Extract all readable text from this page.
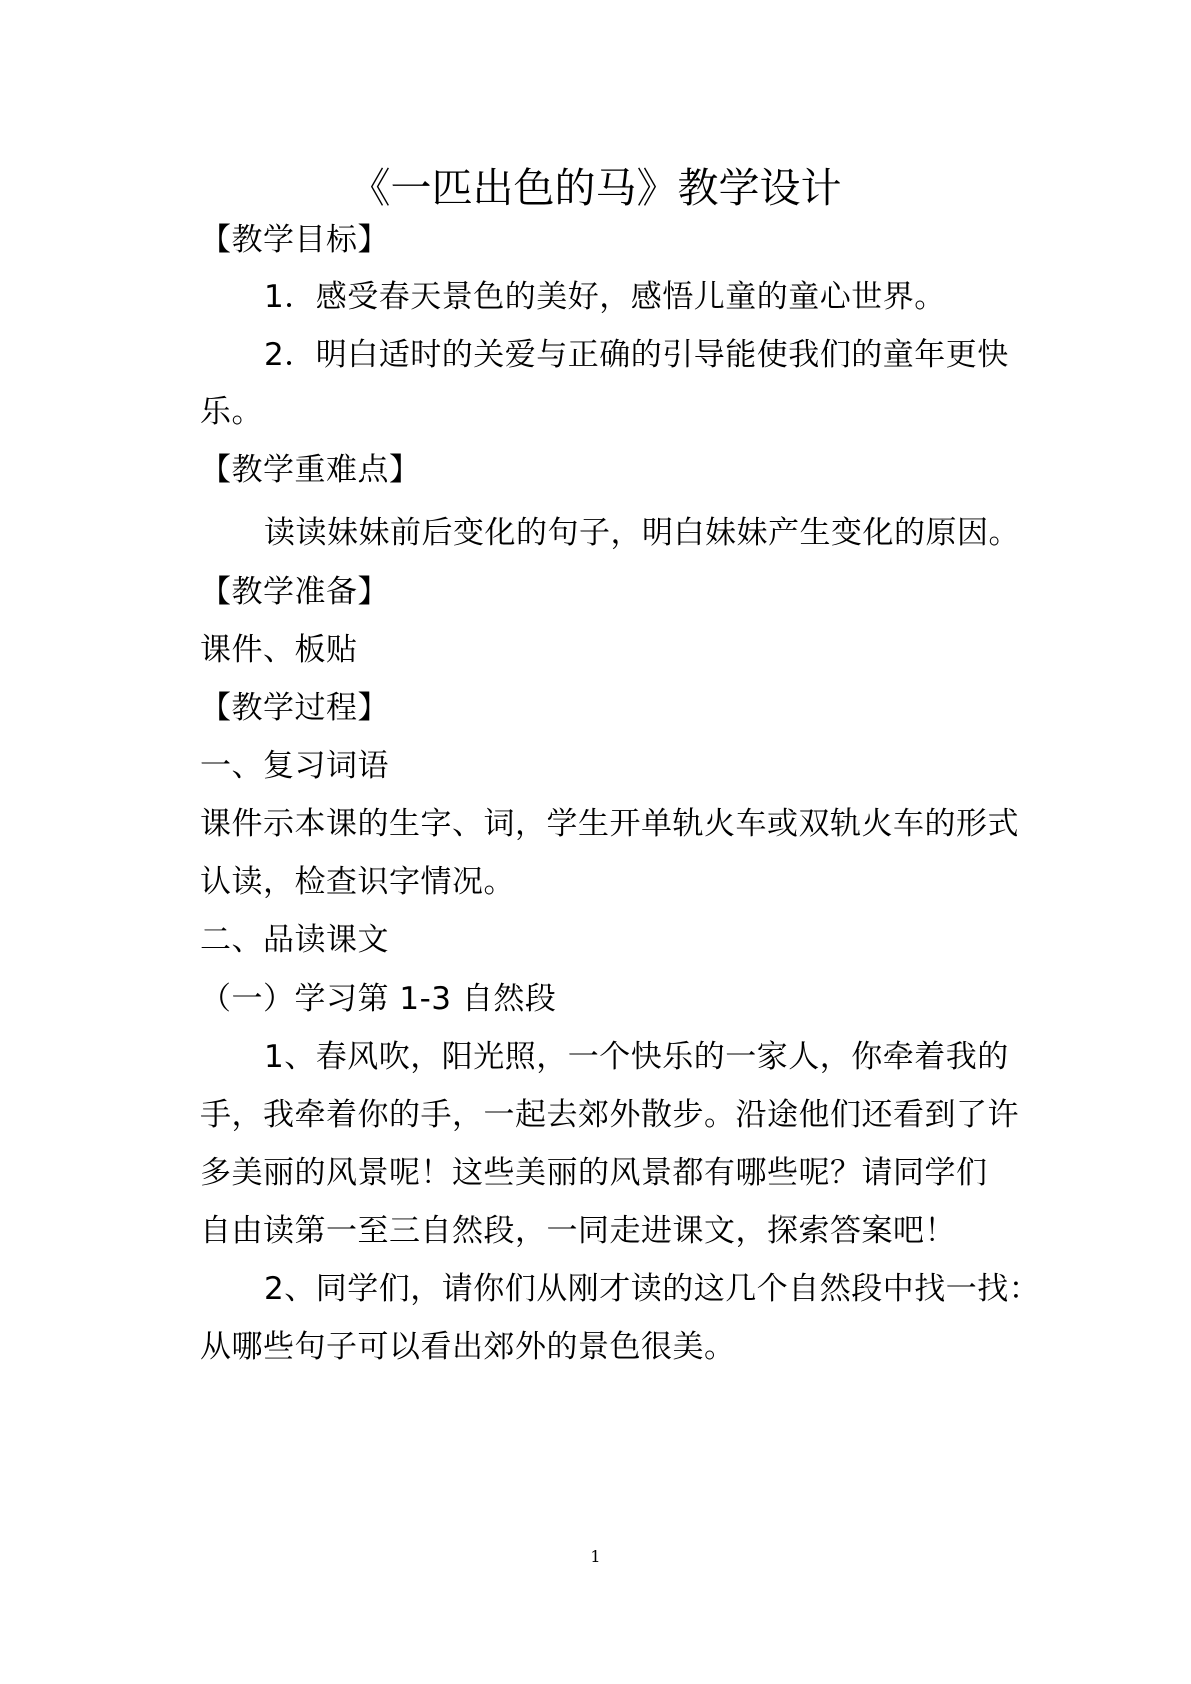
《一匹出色的马》教学设计
【教学目标】
1．感受春天景色的美好，感悟儿童的童心世界。
2．明白适时的关爱与正确的引导能使我们的童年更快
乐。
【教学重难点】
读读妹妹前后变化的句子，明白妹妹产生变化的原因。
【教学准备】
课件、板贴
【教学过程】
一、复习词语
课件示本课的生字、词，学生开单轨火车或双轨火车的形式
认读，检查识字情况。
二、品读课文
（一）学习第 1-3 自然段
1、春风吹，阳光照，一个快乐的一家人，你牵着我的
手，我牵着你的手，一起去郊外散步。沿途他们还看到了许
多美丽的风景呢！这些美丽的风景都有哪些呢？请同学们
自由读第一至三自然段，一同走进课文，探索答案吧！
2、同学们，请你们从刚才读的这几个自然段中找一找：
从哪些句子可以看出郊外的景色很美。
1
